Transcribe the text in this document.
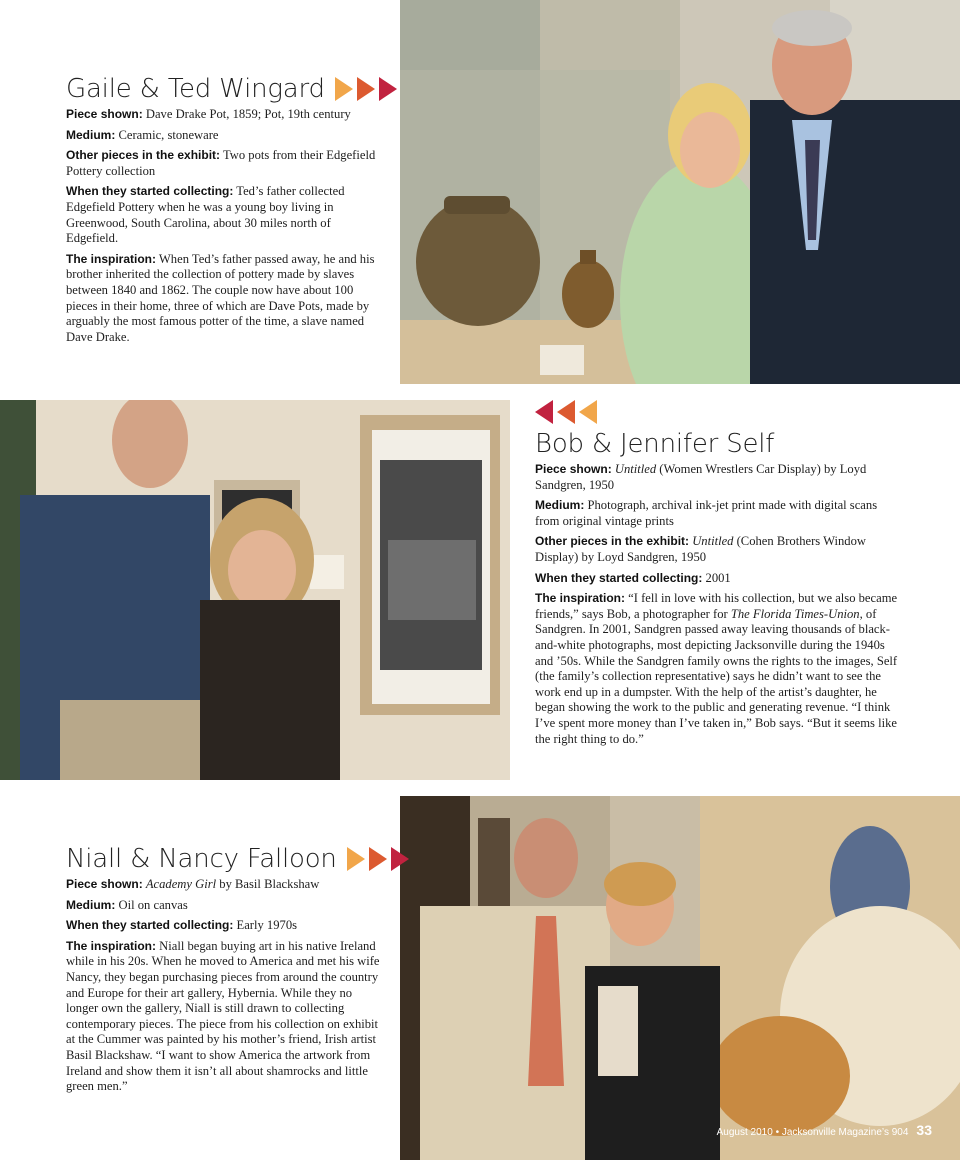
Gaile & Ted Wingard

Piece shown: Dave Drake Pot, 1859; Pot, 19th century

Medium: Ceramic, stoneware

Other pieces in the exhibit: Two pots from their Edgefield Pottery collection

When they started collecting: Ted’s father collected Edgefield Pottery when he was a young boy living in Greenwood, South Carolina, about 30 miles north of Edgefield.

The inspiration: When Ted’s father passed away, he and his brother inherited the collection of pottery made by slaves between 1840 and 1862. The couple now have about 100 pieces in their home, three of which are Dave Pots, made by arguably the most famous potter of the time, a slave named Dave Drake.

Bob & Jennifer Self

Piece shown: Untitled (Women Wrestlers Car Display) by Loyd Sandgren, 1950

Medium: Photograph, archival ink-jet print made with digital scans from original vintage prints

Other pieces in the exhibit: Untitled (Cohen Brothers Window Display) by Loyd Sandgren, 1950

When they started collecting: 2001

The inspiration: “I fell in love with his collection, but we also became friends,” says Bob, a photographer for The Florida Times-Union, of Sandgren. In 2001, Sandgren passed away leaving thousands of black-and-white photographs, most depicting Jacksonville during the 1940s and ’50s. While the Sandgren family owns the rights to the images, Self (the family’s collection representative) says he didn’t want to see the work end up in a dumpster. With the help of the artist’s daughter, he began showing the work to the public and generating revenue. “I think I’ve spent more money than I’ve taken in,” Bob says. “But it seems like the right thing to do.”

Niall & Nancy Falloon

Piece shown: Academy Girl by Basil Blackshaw

Medium: Oil on canvas

When they started collecting: Early 1970s

The inspiration: Niall began buying art in his native Ireland while in his 20s. When he moved to America and met his wife Nancy, they began purchasing pieces from around the country and Europe for their art gallery, Hybernia. While they no longer own the gallery, Niall is still drawn to collecting contemporary pieces. The piece from his collection on exhibit at the Cummer was painted by his mother’s friend, Irish artist Basil Blackshaw. “I want to show America the artwork from Ireland and show them it isn’t all about shamrocks and little green men.”

August 2010 • Jacksonville Magazine’s 904 33
